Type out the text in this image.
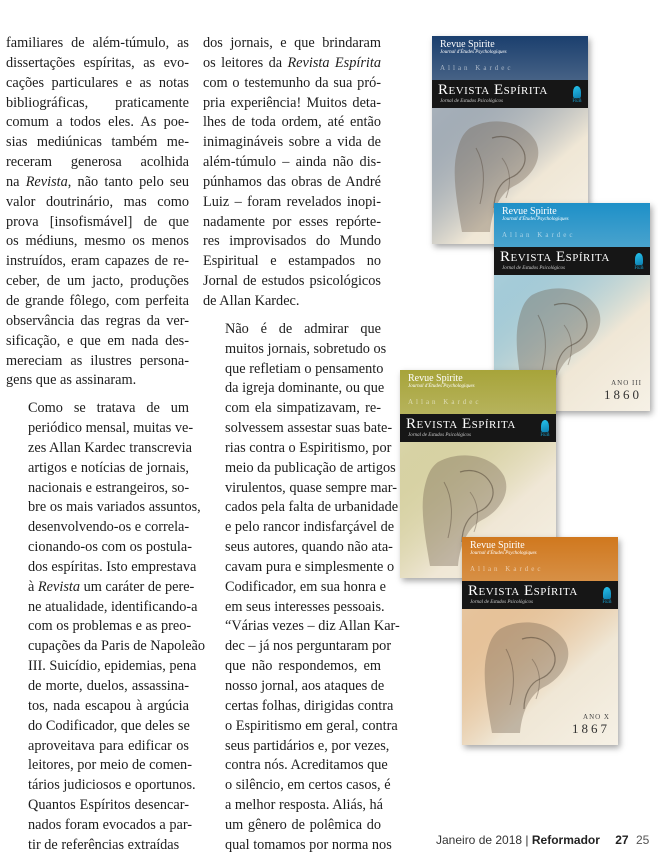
familiares de além-túmulo, as
dissertações espíritas, as evo-
cações particulares e as notas
bibliográficas, praticamente
comum a todos eles. As poe-
sias mediúnicas também me-
receram generosa acolhida
na Revista, não tanto pelo seu
valor doutrinário, mas como
prova [insofismável] de que
os médiuns, mesmo os menos
instruídos, eram capazes de re-
ceber, de um jacto, produções
de grande fôlego, com perfeita
observância das regras da ver-
sificação, e que em nada des-
mereciam as ilustres persona-
gens que as assinaram.

Como se tratava de um
periódico mensal, muitas ve-
zes Allan Kardec transcrevia
artigos e notícias de jornais,
nacionais e estrangeiros, so-
bre os mais variados assuntos,
desenvolvendo-os e correla-
cionando-os com os postula-
dos espíritas. Isto emprestava
à Revista um caráter de pere-
ne atualidade, identificando-a
com os problemas e as preo-
cupações da Paris de Napoleão
III. Suicídio, epidemias, pena
de morte, duelos, assassina-
tos, nada escapou à argúcia
do Codificador, que deles se
aproveitava para edificar os
leitores, por meio de comen-
tários judiciosos e oportunos.
Quantos Espíritos desencar-
nados foram evocados a par-
tir de referências extraídas

dos jornais, e que brindaram
os leitores da Revista Espírita
com o testemunho da sua pró-
pria experiência! Muitos deta-
lhes de toda ordem, até então
inimagináveis sobre a vida de
além-túmulo – ainda não dis-
púnhamos das obras de André
Luiz – foram revelados inopi-
nadamente por esses repórte-
res improvisados do Mundo
Espiritual e estampados no
Jornal de estudos psicológicos
de Allan Kardec.

Não é de admirar que
muitos jornais, sobretudo os
que refletiam o pensamento
da igreja dominante, ou que
com ela simpatizavam, re-
solvessem assestar suas bate-
rias contra o Espiritismo, por
meio da publicação de artigos
virulentos, quase sempre mar-
cados pela falta de urbanidade
e pelo rancor indisfarçável de
seus autores, quando não ata-
cavam pura e simplesmente o
Codificador, em sua honra e
em seus interesses pessoais.
“Várias vezes – diz Allan Kar-
dec – já nos perguntaram por
que não respondemos, em
nosso jornal, aos ataques de
certas folhas, dirigidas contra
o Espiritismo em geral, contra
seus partidários e, por vezes,
contra nós. Acreditamos que
o silêncio, em certos casos, é
a melhor resposta. Aliás, há
um gênero de polêmica do
qual tomamos por norma nos

Revue Spirite
Journal d'Études Psychologiques
Allan Kardec
Revista Espírita
Jornal de Estudos Psicológicos	FEB
Revue Spirite
Journal d'Études Psychologiques
Allan Kardec
Revista Espírita
Jornal de Estudos Psicológicos	FEB
ANO III
1860
Revue Spirite
Journal d'Études Psychologiques
Allan Kardec
Revista Espírita
Jornal de Estudos Psicológicos	FEB
Revue Spirite
Journal d'Études Psychologiques
Allan Kardec
Revista Espírita
Jornal de Estudos Psicológicos	FEB
ANO X
1867
Janeiro de 2018 | Reformador 27 25
